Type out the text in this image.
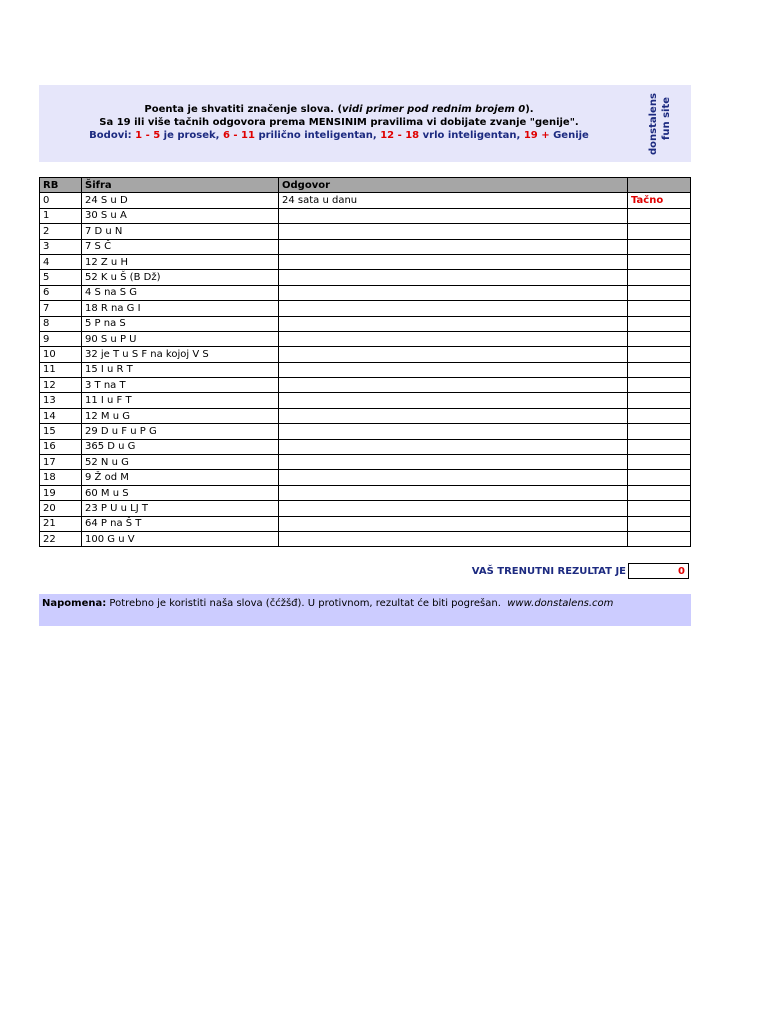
Poenta je shvatiti značenje slova. (vidi primer pod rednim brojem 0).
Sa 19 ili više tačnih odgovora prema MENSINIM pravilima vi dobijate zvanje "genije".
Bodovi: 1 - 5 je prosek, 6 - 11 prilično inteligentan, 12 - 18 vrlo inteligentan, 19 + Genije	donstalens fun site
RB	Šifra	Odgovor	
0	24 S u D	24 sata u danu	Tačno
1	30 S u A		
2	7 D u N		
3	7 S Č		
4	12 Z u H		
5	52 K u Š (B Dž)		
6	4 S na S G		
7	18 R na G I		
8	5 P na S		
9	90 S u P U		
10	32 je T u S F na kojoj V S		
11	15 I u R T		
12	3 T na T		
13	11 I u F T		
14	12 M u G		
15	29 D u F u P G		
16	365 D u G		
17	52 N u G		
18	9 Ž od M		
19	60 M u S		
20	23 P U u LJ T		
21	64 P na Š T		
22	100 G u V		
VAŠ TRENUTNI REZULTAT JE	0
Napomena: Potrebno je koristiti naša slova (čćžšđ). U protivnom, rezultat će biti pogrešan. www.donstalens.com
